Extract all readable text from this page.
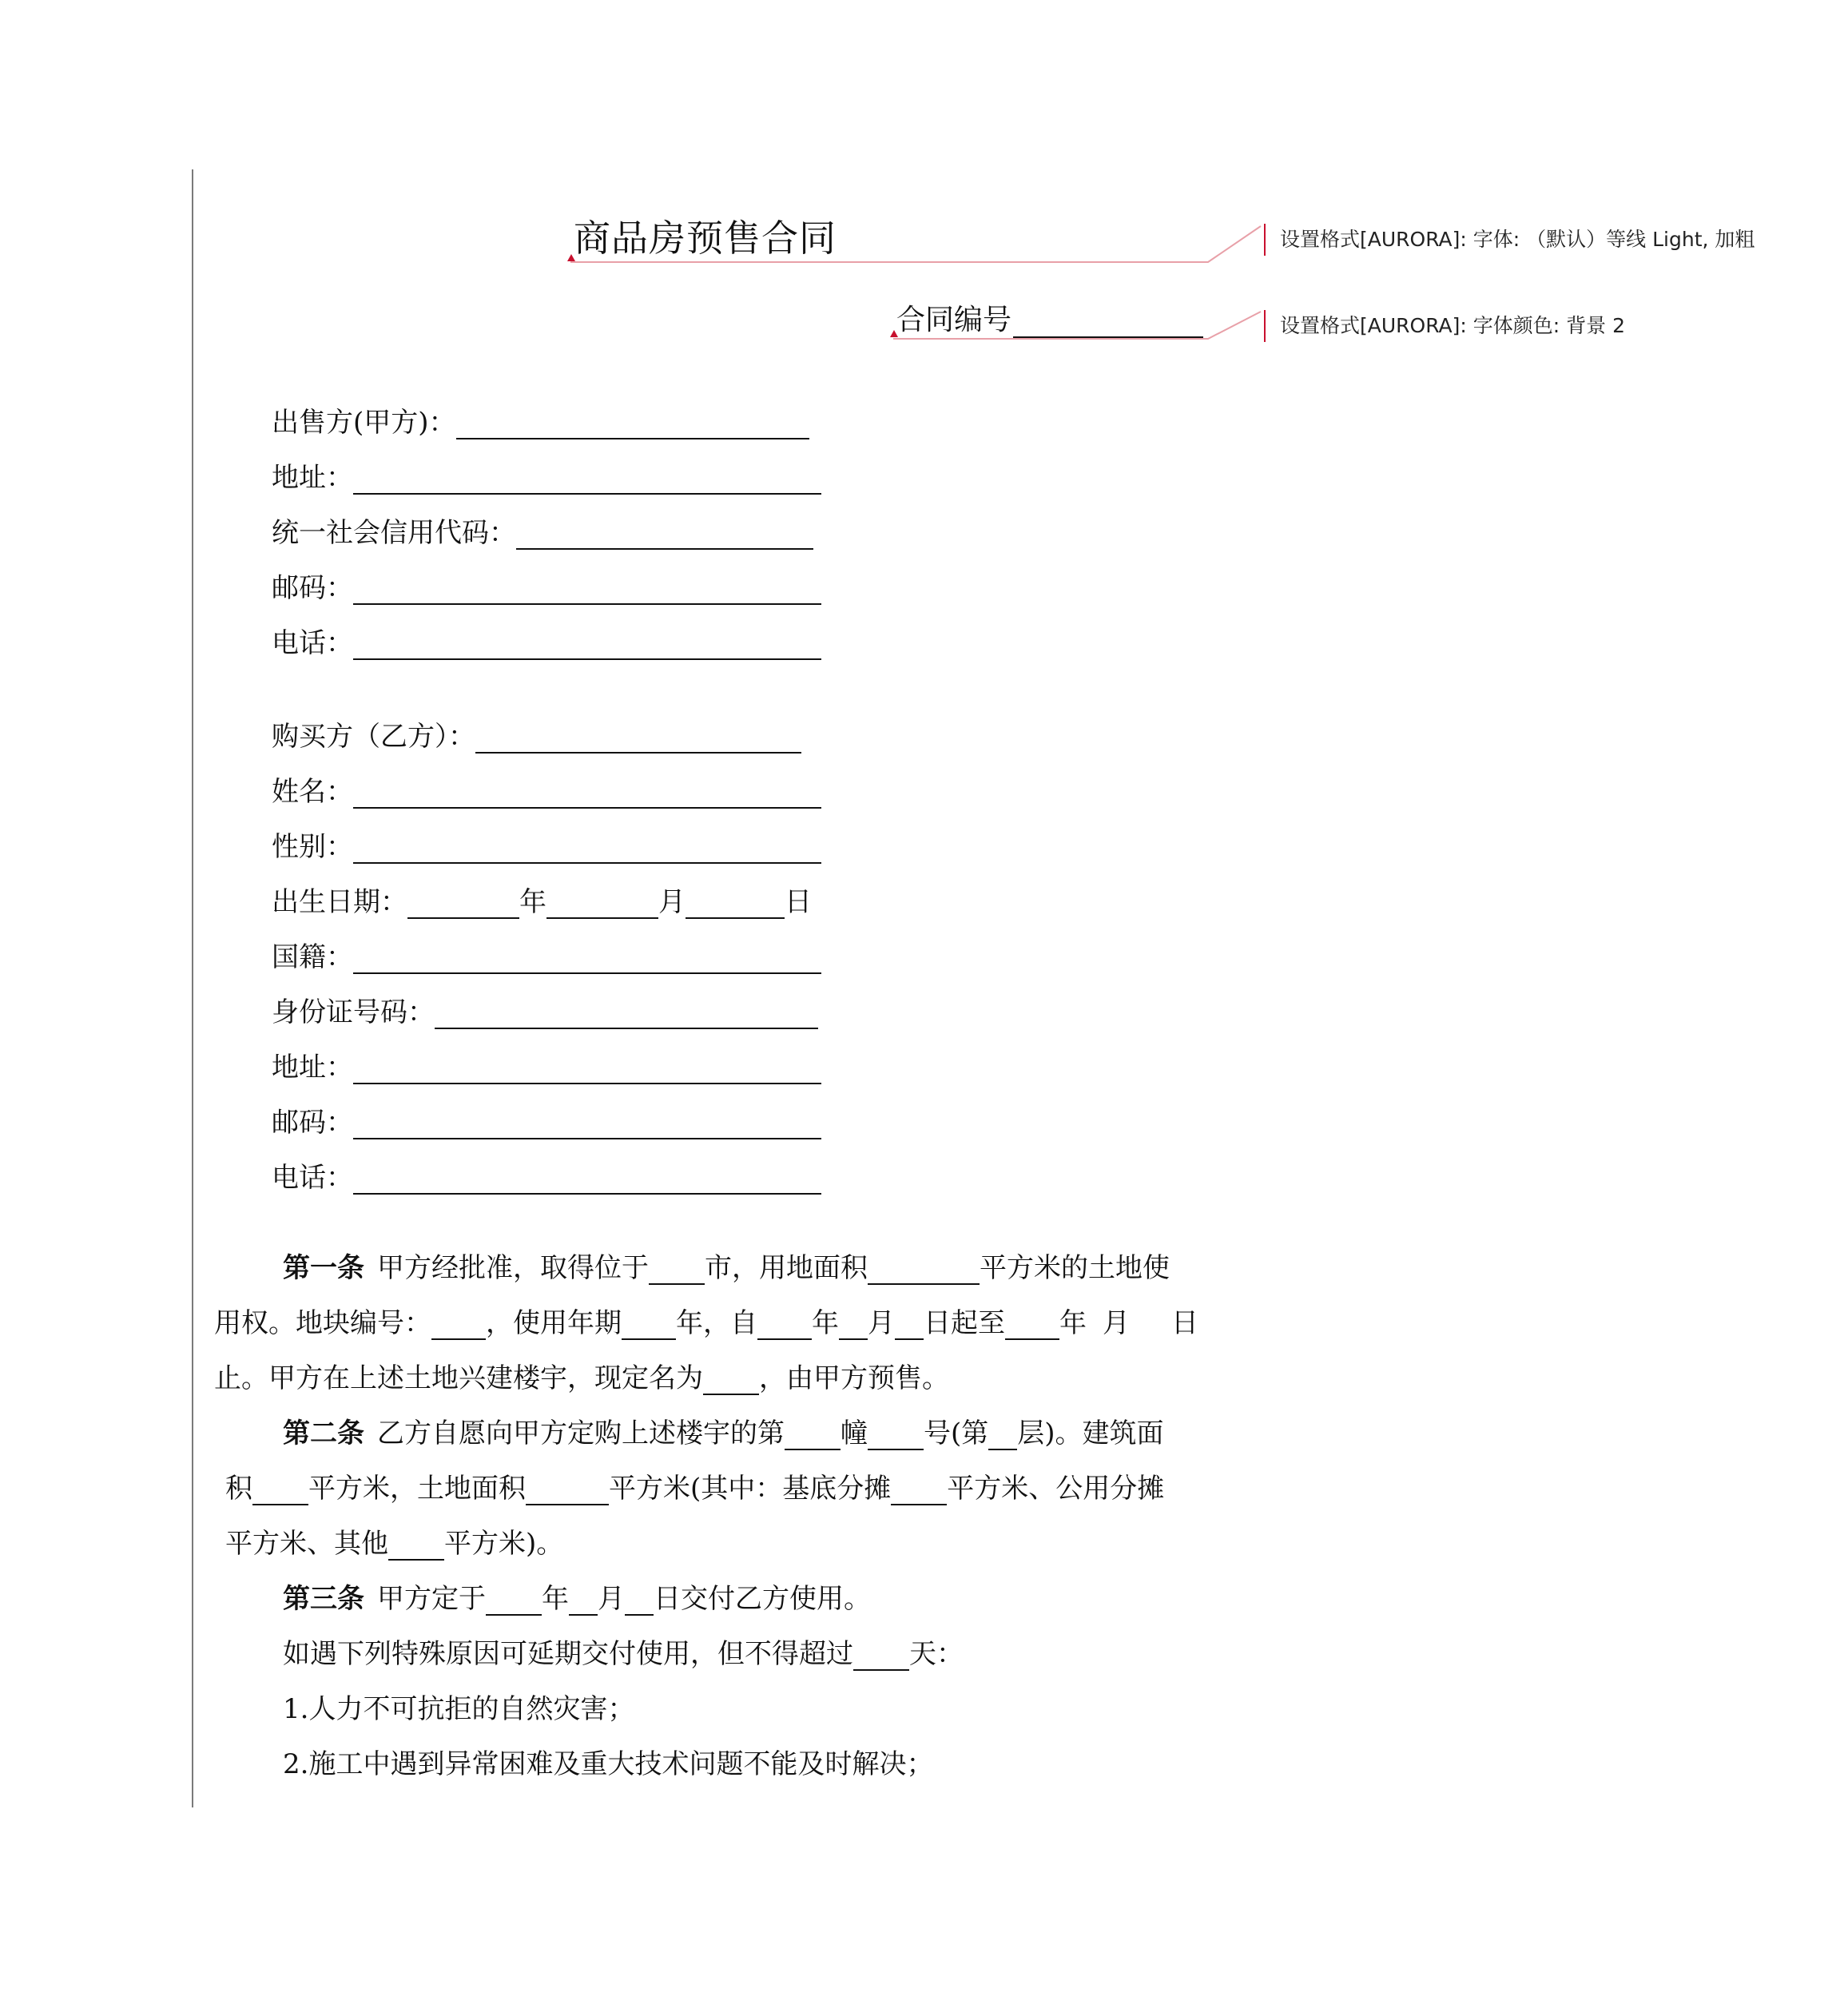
商品房预售合同
合同编号
设置格式[AURORA]: 字体: （默认）等线 Light, 加粗
设置格式[AURORA]: 字体颜色: 背景 2
出售方(甲方)：
地址：
统一社会信用代码：
邮码：
电话：
购买方（乙方）：
姓名：
性别：
出生日期：	年	月	日
国籍：
身份证号码：
地址：
邮码：
电话：
第一条 甲方经批准，取得位于 市，用地面积	平方米的土地使
用权。地块编号： ，使用年期 年，自 年 月 日起至 年 月 日
止。甲方在上述土地兴建楼宇，现定名为 ，由甲方预售。
第二条 乙方自愿向甲方定购上述楼宇的第 幢 号(第 层)。建筑面
积 平方米，土地面积	平方米(其中：基底分摊 平方米、公用分摊
平方米、其他 平方米)。
第三条 甲方定于 年 月 日交付乙方使用。
如遇下列特殊原因可延期交付使用，但不得超过 天：
1.人力不可抗拒的自然灾害；
2.施工中遇到异常困难及重大技术问题不能及时解决；
